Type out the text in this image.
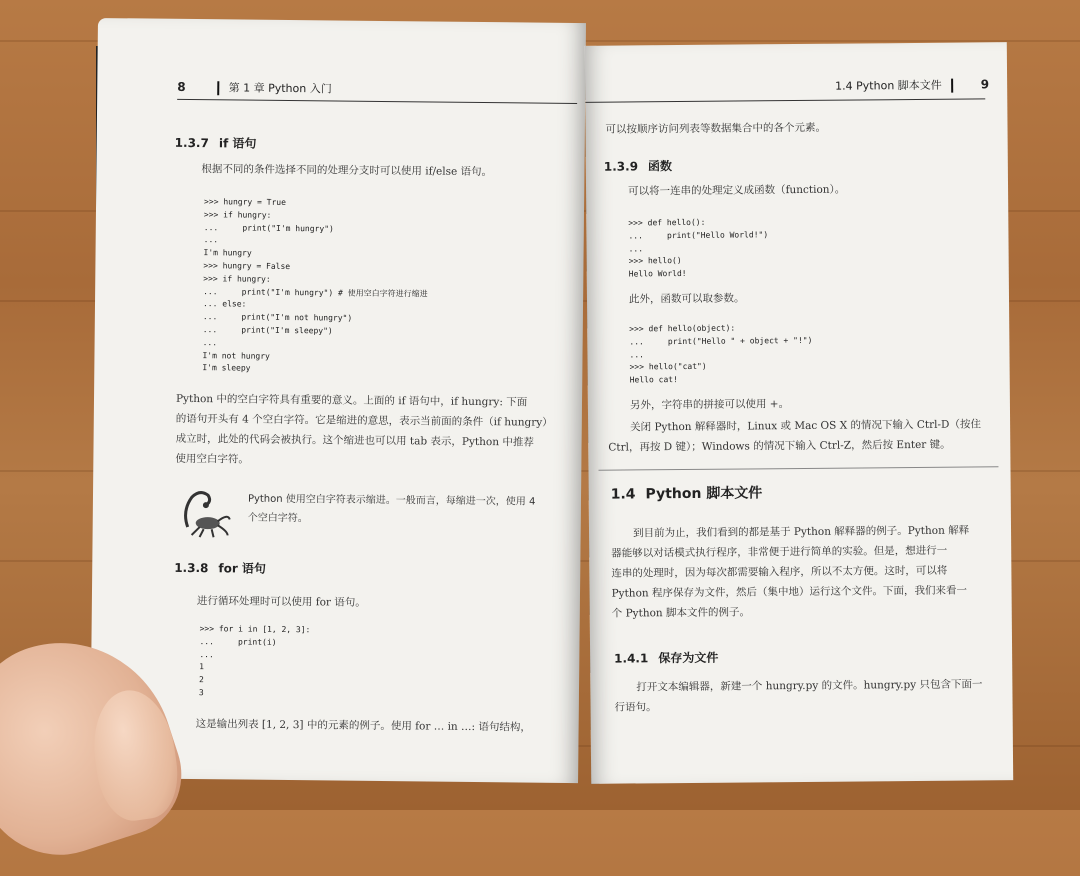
8	第 1 章 Python 入门
1.3.7 if 语句
根据不同的条件选择不同的处理分支时可以使用 if/else 语句。
>>> hungry = True
>>> if hungry:
...     print("I'm hungry")
...
I'm hungry
>>> hungry = False
>>> if hungry:
...     print("I'm hungry") # 使用空白字符进行缩进
... else:
...     print("I'm not hungry")
...     print("I'm sleepy")
...
I'm not hungry
I'm sleepy
Python 中的空白字符具有重要的意义。上面的 if 语句中，if hungry: 下面
的语句开头有 4 个空白字符。它是缩进的意思，表示当前面的条件（if hungry）
成立时，此处的代码会被执行。这个缩进也可以用 tab 表示，Python 中推荐
使用空白字符。
Python 使用空白字符表示缩进。一般而言，每缩进一次，使用 4
个空白字符。
1.3.8 for 语句
进行循环处理时可以使用 for 语句。
>>> for i in [1, 2, 3]:
...     print(i)
...
1
2
3
这是输出列表 [1, 2, 3] 中的元素的例子。使用 for … in …: 语句结构，
1.4 Python 脚本文件	9
可以按顺序访问列表等数据集合中的各个元素。
1.3.9 函数
可以将一连串的处理定义成函数（function）。
>>> def hello():
...     print("Hello World!")
...
>>> hello()
Hello World!
此外，函数可以取参数。
>>> def hello(object):
...     print("Hello " + object + "!")
...
>>> hello("cat")
Hello cat!
另外，字符串的拼接可以使用 +。
关闭 Python 解释器时，Linux 或 Mac OS X 的情况下输入 Ctrl-D（按住
Ctrl，再按 D 键）；Windows 的情况下输入 Ctrl-Z，然后按 Enter 键。
1.4 Python 脚本文件
到目前为止，我们看到的都是基于 Python 解释器的例子。Python 解释
器能够以对话模式执行程序，非常便于进行简单的实验。但是，想进行一
连串的处理时，因为每次都需要输入程序，所以不太方便。这时，可以将
Python 程序保存为文件，然后（集中地）运行这个文件。下面，我们来看一
个 Python 脚本文件的例子。
1.4.1 保存为文件
打开文本编辑器，新建一个 hungry.py 的文件。hungry.py 只包含下面一
行语句。
